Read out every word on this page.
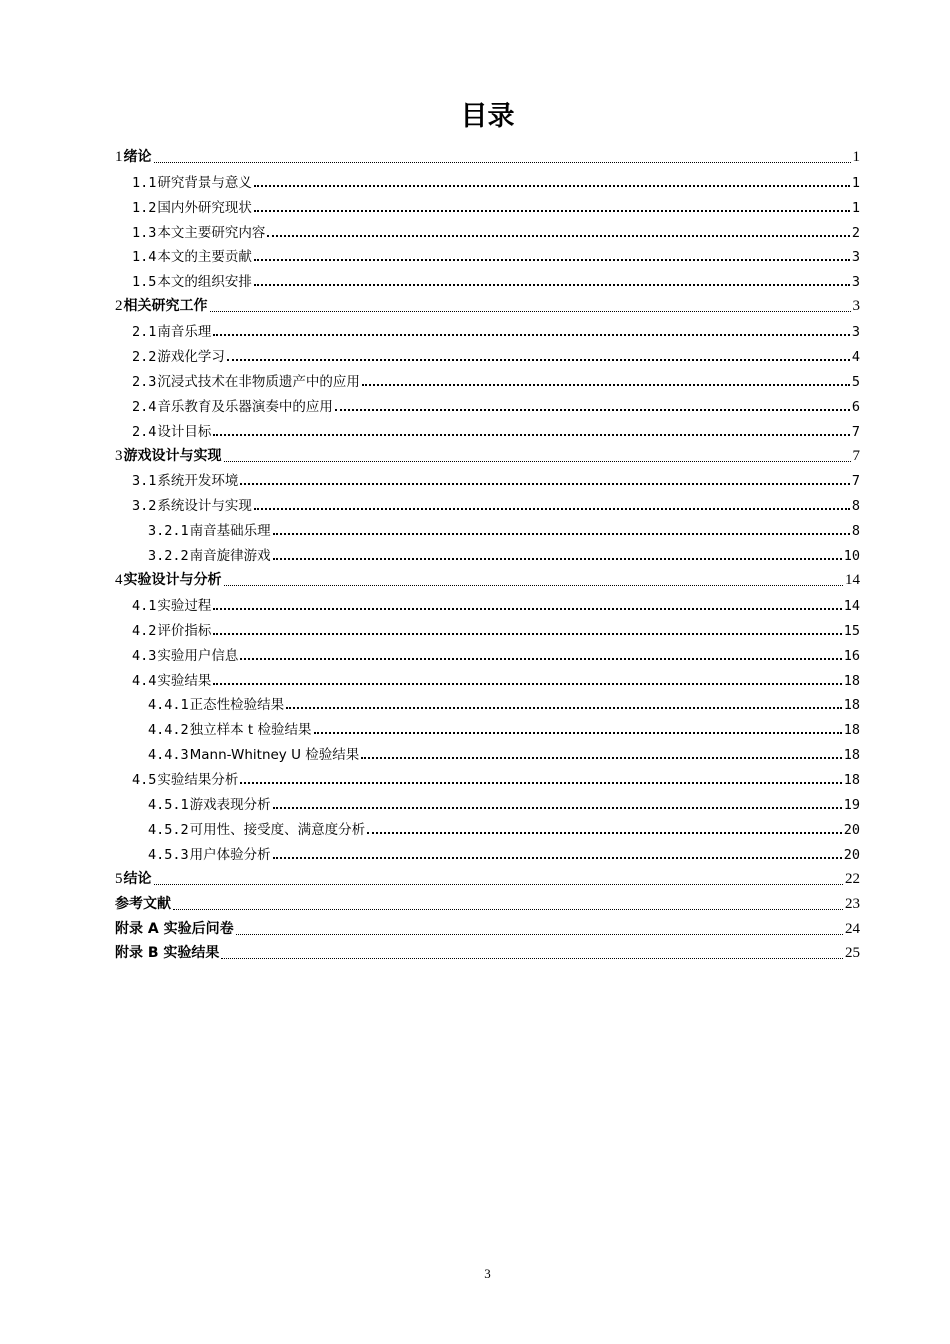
目录
1 绪论	1
1.1 研究背景与意义	1
1.2 国内外研究现状	1
1.3 本文主要研究内容	2
1.4 本文的主要贡献	3
1.5 本文的组织安排	3
2 相关研究工作	3
2.1 南音乐理	3
2.2 游戏化学习	4
2.3 沉浸式技术在非物质遗产中的应用	5
2.4 音乐教育及乐器演奏中的应用	6
2.4 设计目标	7
3 游戏设计与实现	7
3.1 系统开发环境	7
3.2 系统设计与实现	8
3.2.1 南音基础乐理	8
3.2.2 南音旋律游戏	10
4 实验设计与分析	14
4.1 实验过程	14
4.2 评价指标	15
4.3 实验用户信息	16
4.4 实验结果	18
4.4.1 正态性检验结果	18
4.4.2 独立样本 t 检验结果	18
4.4.3 Mann-Whitney U 检验结果	18
4.5 实验结果分析	18
4.5.1 游戏表现分析	19
4.5.2 可用性、接受度、满意度分析	20
4.5.3 用户体验分析	20
5 结论	22
参考文献	23
附录 A 实验后问卷	24
附录 B 实验结果	25
3
